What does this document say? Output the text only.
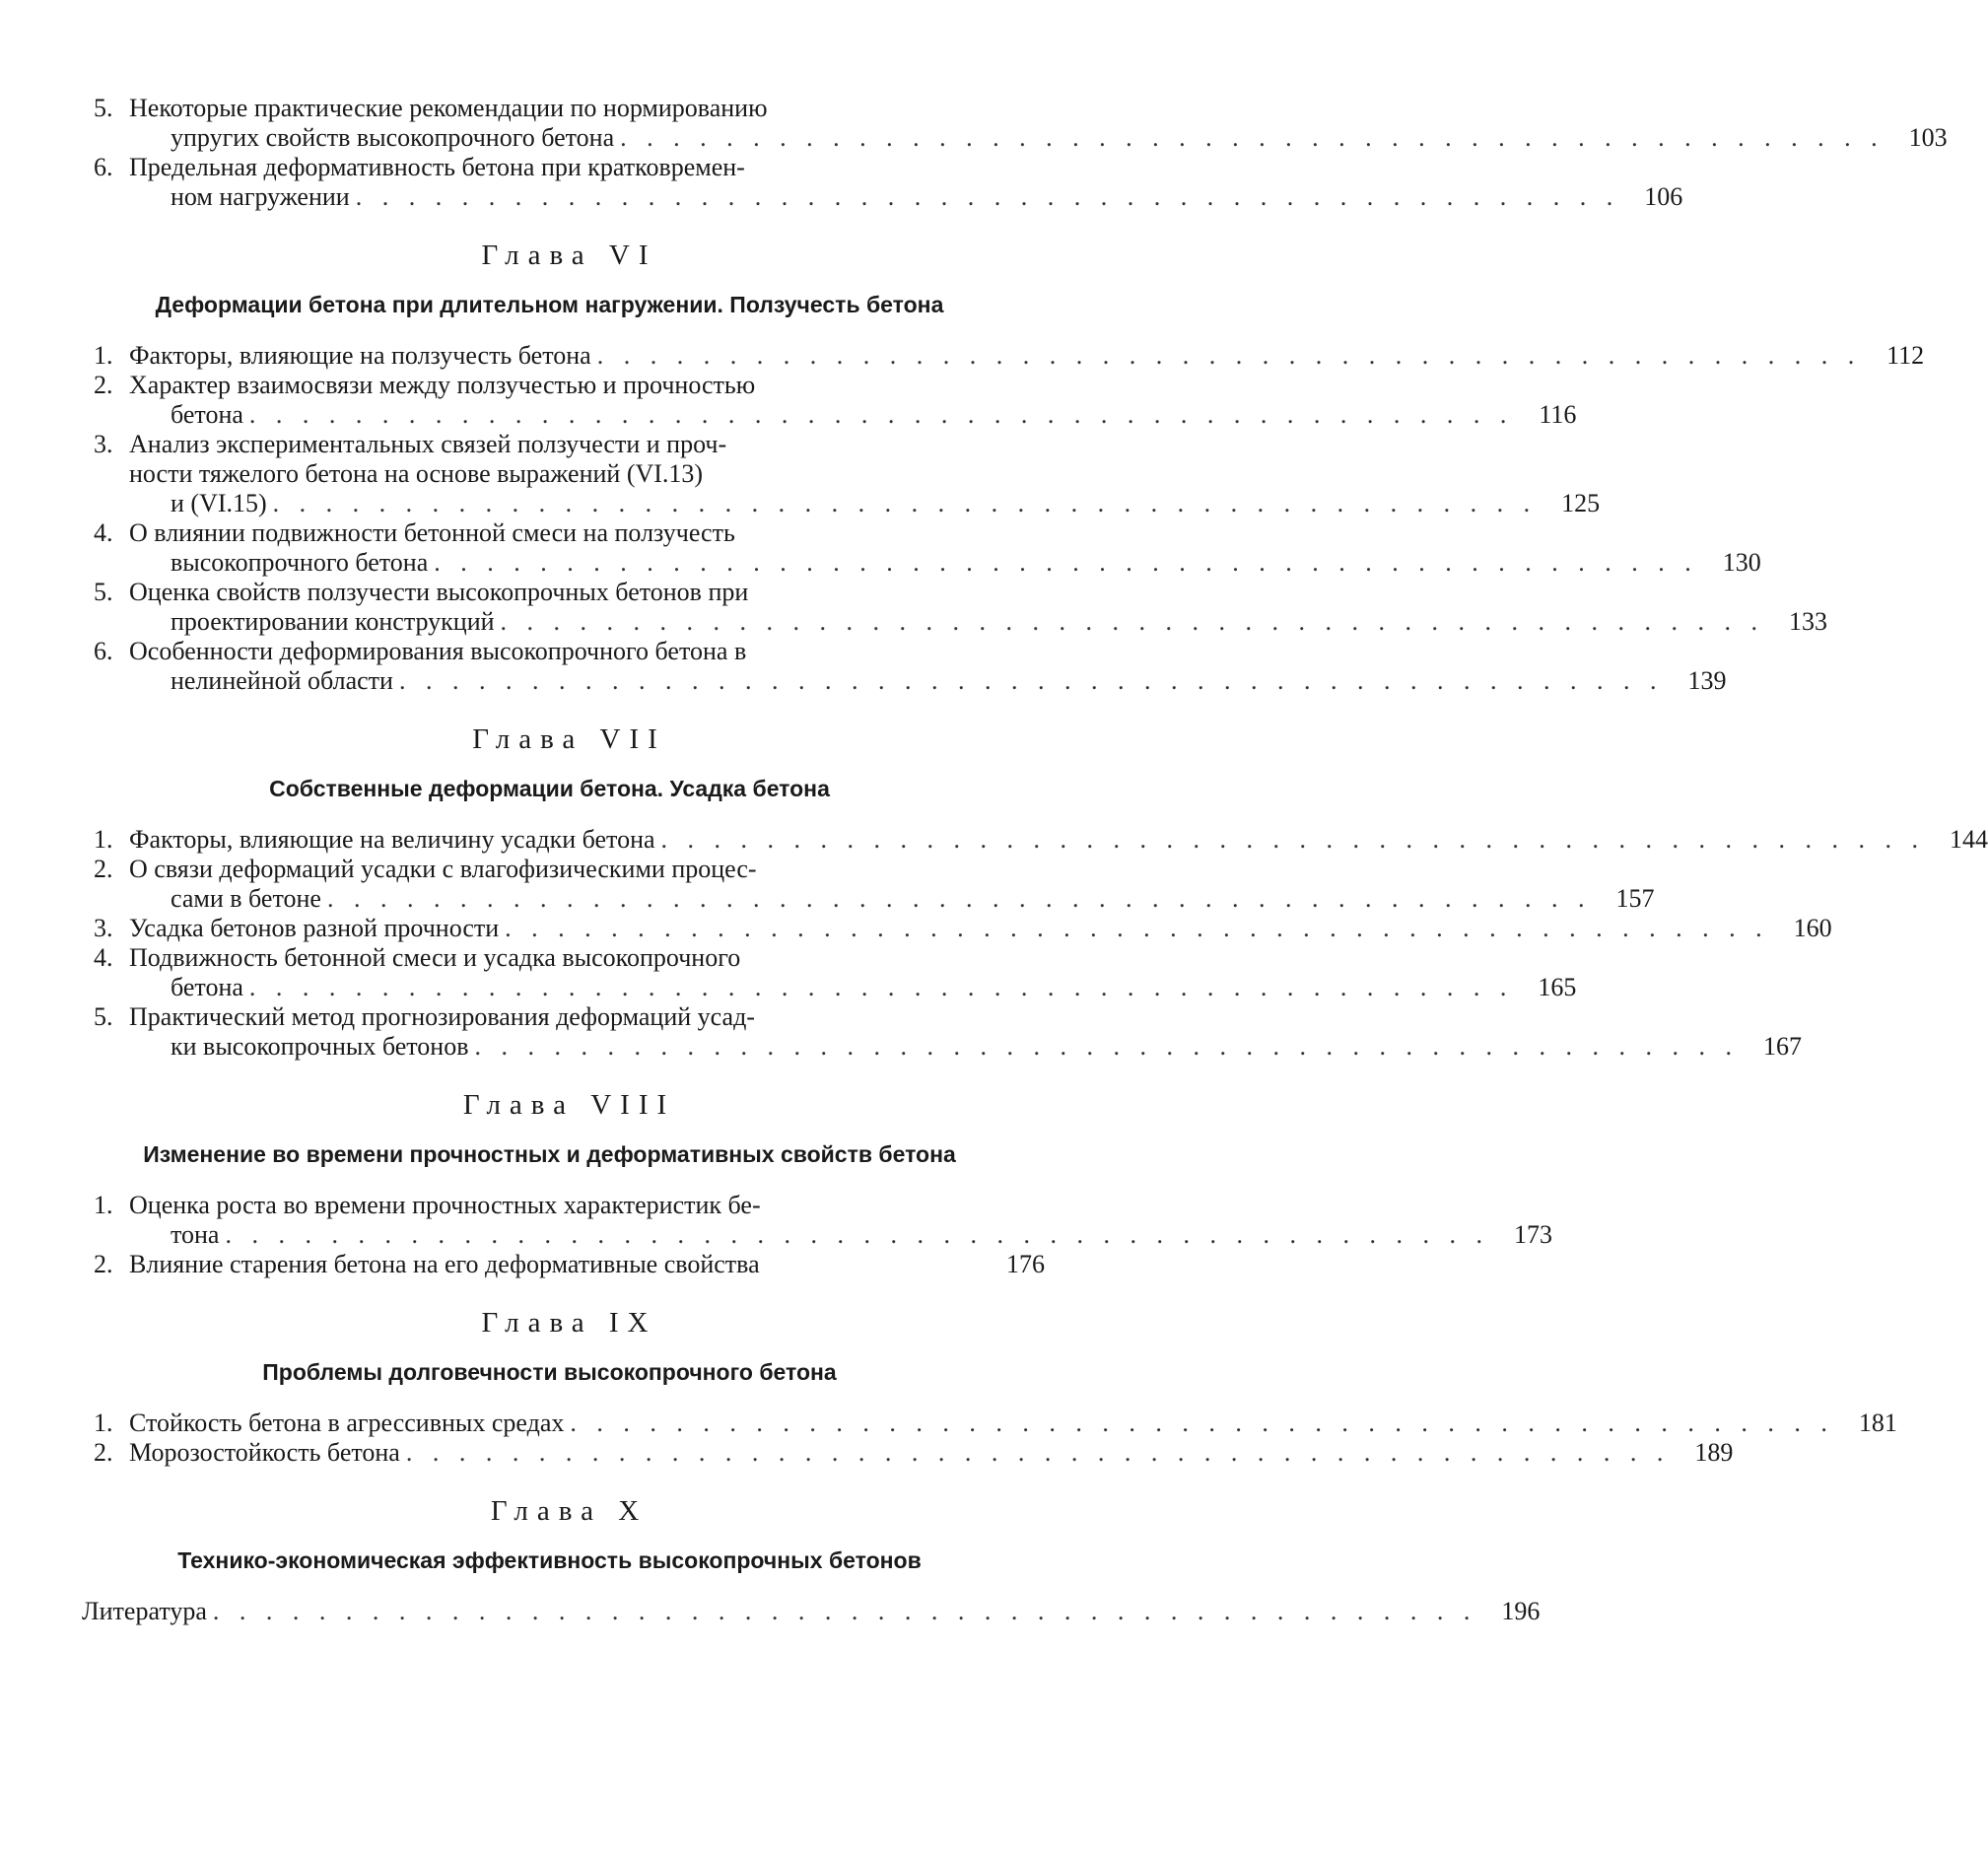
5. Некоторые практические рекомендации по нормированию
упругих свойств высокопрочного бетона . . . . . . . . . . . . . . . . . . . . . . . . . . . . . . . . . . . . . . . . . . . . . . . . 103
6. Предельная деформативность бетона при кратковремен-
ном нагружении . . . . . . . . . . . . . . . . . . . . . . . . . . . . . . . . . . . . . . . . . . . . . . . . 106
Глава VI
Деформации бетона при длительном нагружении. Ползучесть бетона
1. Факторы, влияющие на ползучесть бетона . . . . . . . . . . . . . . . . . . . . . . . . . . . . . . . . . . . . . . . . . . . . . . . . 112
2. Характер взаимосвязи между ползучестью и прочностью
бетона . . . . . . . . . . . . . . . . . . . . . . . . . . . . . . . . . . . . . . . . . . . . . . . . 116
3. Анализ экспериментальных связей ползучести и проч-
ности тяжелого бетона на основе выражений (VI.13)
и (VI.15) . . . . . . . . . . . . . . . . . . . . . . . . . . . . . . . . . . . . . . . . . . . . . . . . 125
4. О влиянии подвижности бетонной смеси на ползучесть
высокопрочного бетона . . . . . . . . . . . . . . . . . . . . . . . . . . . . . . . . . . . . . . . . . . . . . . . . 130
5. Оценка свойств ползучести высокопрочных бетонов при
проектировании конструкций . . . . . . . . . . . . . . . . . . . . . . . . . . . . . . . . . . . . . . . . . . . . . . . . 133
6. Особенности деформирования высокопрочного бетона в
нелинейной области . . . . . . . . . . . . . . . . . . . . . . . . . . . . . . . . . . . . . . . . . . . . . . . . 139
Глава VII
Собственные деформации бетона. Усадка бетона
1. Факторы, влияющие на величину усадки бетона . . . . . . . . . . . . . . . . . . . . . . . . . . . . . . . . . . . . . . . . . . . . . . . . 144
2. О связи деформаций усадки с влагофизическими процес-
сами в бетоне . . . . . . . . . . . . . . . . . . . . . . . . . . . . . . . . . . . . . . . . . . . . . . . . 157
3. Усадка бетонов разной прочности . . . . . . . . . . . . . . . . . . . . . . . . . . . . . . . . . . . . . . . . . . . . . . . . 160
4. Подвижность бетонной смеси и усадка высокопрочного
бетона . . . . . . . . . . . . . . . . . . . . . . . . . . . . . . . . . . . . . . . . . . . . . . . . 165
5. Практический метод прогнозирования деформаций усад-
ки высокопрочных бетонов . . . . . . . . . . . . . . . . . . . . . . . . . . . . . . . . . . . . . . . . . . . . . . . . 167
Глава VIII
Изменение во времени прочностных и деформативных свойств бетона
1. Оценка роста во времени прочностных характеристик бе-
тона . . . . . . . . . . . . . . . . . . . . . . . . . . . . . . . . . . . . . . . . . . . . . . . . 173
2. Влияние старения бетона на его деформативные свойства	176
Глава IX
Проблемы долговечности высокопрочного бетона
1. Стойкость бетона в агрессивных средах . . . . . . . . . . . . . . . . . . . . . . . . . . . . . . . . . . . . . . . . . . . . . . . . 181
2. Морозостойкость бетона . . . . . . . . . . . . . . . . . . . . . . . . . . . . . . . . . . . . . . . . . . . . . . . . 189
Глава X
Технико-экономическая эффективность высокопрочных бетонов
Литература . . . . . . . . . . . . . . . . . . . . . . . . . . . . . . . . . . . . . . . . . . . . . . . . 196
